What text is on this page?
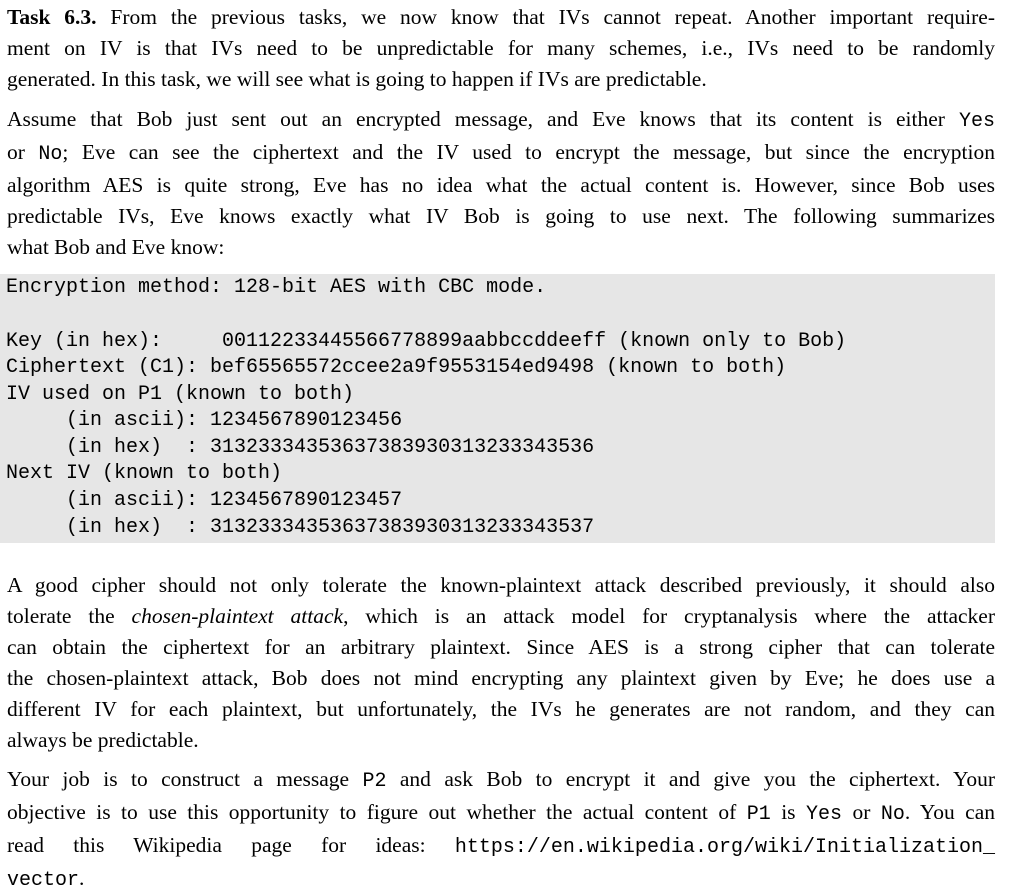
Task 6.3. From the previous tasks, we now know that IVs cannot repeat. Another important require-
ment on IV is that IVs need to be unpredictable for many schemes, i.e., IVs need to be randomly
generated. In this task, we will see what is going to happen if IVs are predictable.
Assume that Bob just sent out an encrypted message, and Eve knows that its content is either Yes
or No; Eve can see the ciphertext and the IV used to encrypt the message, but since the encryption
algorithm AES is quite strong, Eve has no idea what the actual content is. However, since Bob uses
predictable IVs, Eve knows exactly what IV Bob is going to use next. The following summarizes
what Bob and Eve know:
Encryption method: 128-bit AES with CBC mode.
Key (in hex):     00112233445566778899aabbccddeeff (known only to Bob)
Ciphertext (C1): bef65565572ccee2a9f9553154ed9498 (known to both)
IV used on P1 (known to both)
(in ascii): 1234567890123456
(in hex)  : 31323334353637383930313233343536
Next IV (known to both)
(in ascii): 1234567890123457
(in hex)  : 31323334353637383930313233343537
A good cipher should not only tolerate the known-plaintext attack described previously, it should also
tolerate the chosen-plaintext attack, which is an attack model for cryptanalysis where the attacker
can obtain the ciphertext for an arbitrary plaintext. Since AES is a strong cipher that can tolerate
the chosen-plaintext attack, Bob does not mind encrypting any plaintext given by Eve; he does use a
different IV for each plaintext, but unfortunately, the IVs he generates are not random, and they can
always be predictable.
Your job is to construct a message P2 and ask Bob to encrypt it and give you the ciphertext. Your
objective is to use this opportunity to figure out whether the actual content of P1 is Yes or No. You can
read this Wikipedia page for ideas: https://en.wikipedia.org/wiki/Initialization_
vector.
